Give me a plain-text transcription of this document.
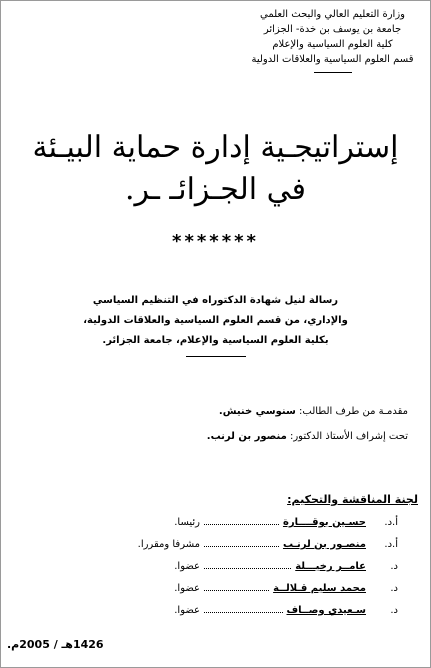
وزارة التعليم العالي والبحث العلمي
جامعة بن يوسف بن خدة- الجزائر
كلية العلوم السياسية والإعلام
قسم العلوم السياسية والعلاقات الدولية
إستراتيجـية إدارة حماية البيـئة
في الجـزائـ ـر.
*******
رسالة لنيل شهادة الدكتوراه في التنظيم السياسي
والإداري، من قسم العلوم السياسية والعلاقات الدولية،
بكلية العلوم السياسية والإعلام، جامعة الجزائر.
مقدمـة من طرف الطالب: سنوسي خنيش.
تحت إشراف الأستاذ الدكتور: منصور بن لرنب.
لجنة المناقشة والتحكيم:
أ.د.
حسـين بوقــــارة
رئيسا.
أ.د.
منصـور بن لرنـب
مشرفا ومقررا.
د.
عامــر رخيـــلة
عضوا.
د.
محمد سليم قـلالــة
عضوا.
د.
سـعيدي وصــاف
عضوا.
1426هـ / 2005م.
